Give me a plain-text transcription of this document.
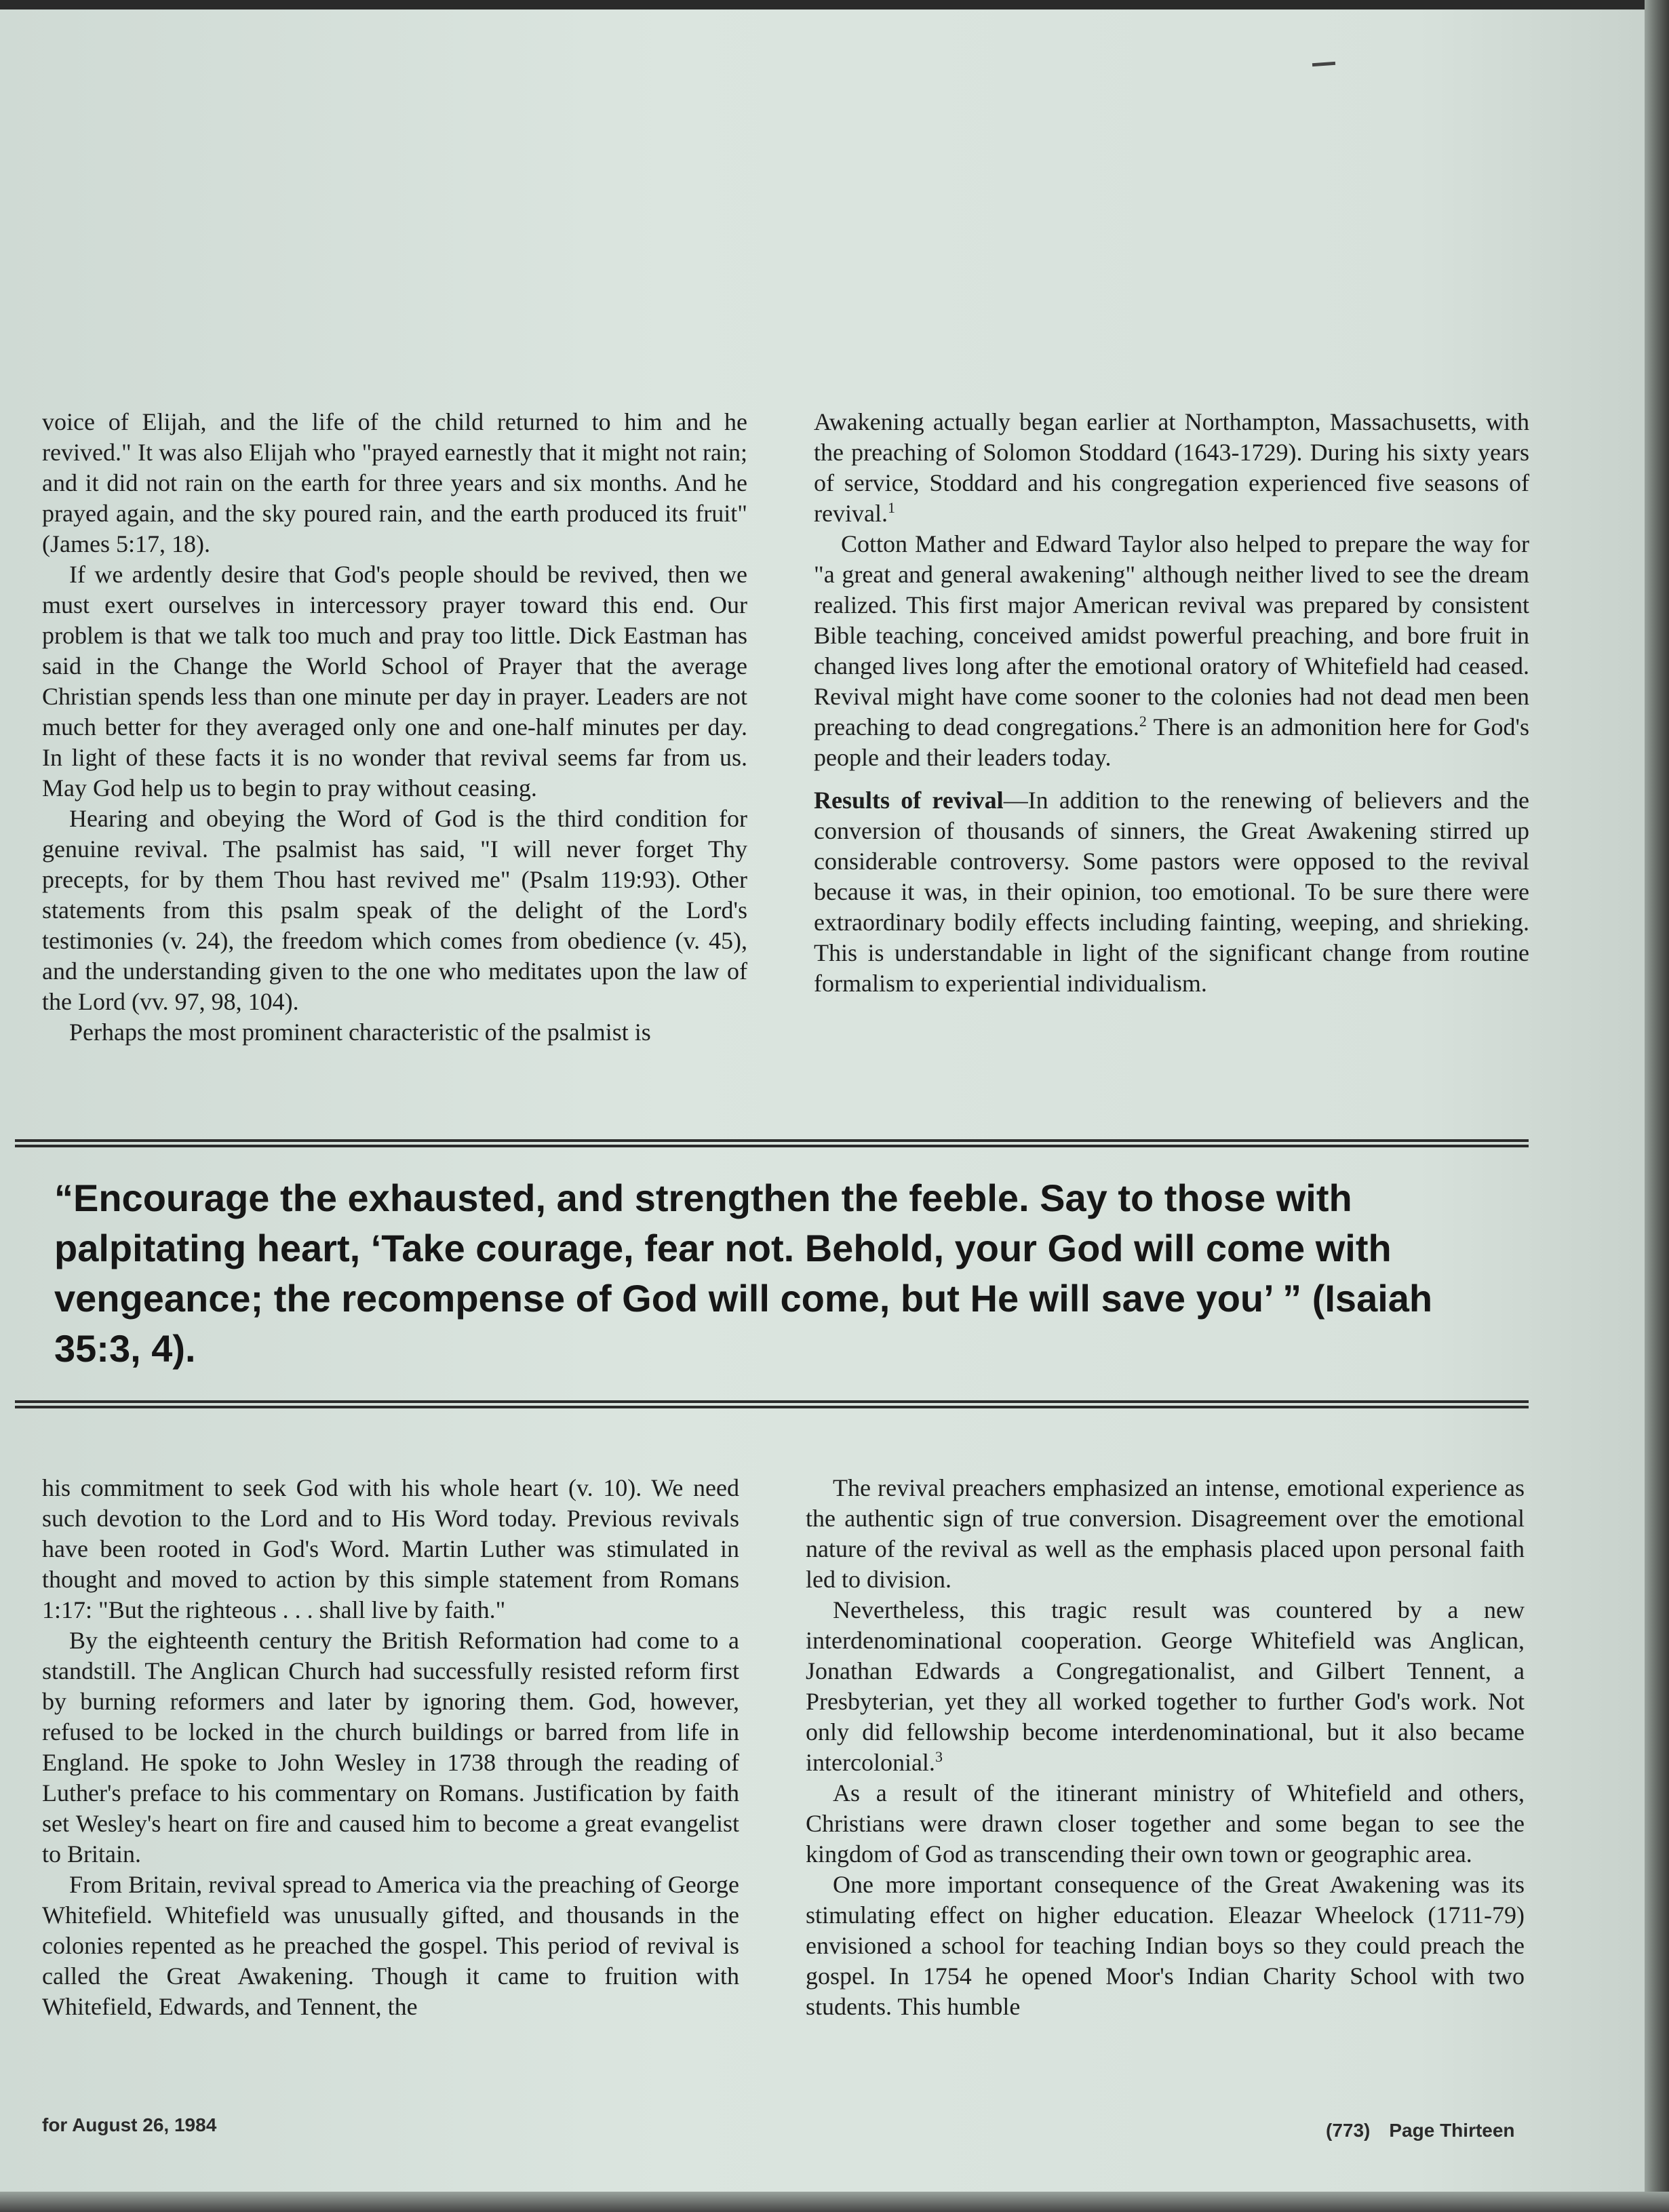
voice of Elijah, and the life of the child returned to him and he revived." It was also Elijah who "prayed earnestly that it might not rain; and it did not rain on the earth for three years and six months. And he prayed again, and the sky poured rain, and the earth produced its fruit" (James 5:17, 18).

If we ardently desire that God's people should be revived, then we must exert ourselves in intercessory prayer toward this end. Our problem is that we talk too much and pray too little. Dick Eastman has said in the Change the World School of Prayer that the average Christian spends less than one minute per day in prayer. Leaders are not much better for they averaged only one and one-half minutes per day. In light of these facts it is no wonder that revival seems far from us. May God help us to begin to pray without ceasing.

Hearing and obeying the Word of God is the third condition for genuine revival. The psalmist has said, "I will never forget Thy precepts, for by them Thou hast revived me" (Psalm 119:93). Other statements from this psalm speak of the delight of the Lord's testimonies (v. 24), the freedom which comes from obedience (v. 45), and the understanding given to the one who meditates upon the law of the Lord (vv. 97, 98, 104).

Perhaps the most prominent characteristic of the psalmist is

Awakening actually began earlier at Northampton, Massachusetts, with the preaching of Solomon Stoddard (1643-1729). During his sixty years of service, Stoddard and his congregation experienced five seasons of revival.$^1$

Cotton Mather and Edward Taylor also helped to prepare the way for "a great and general awakening" although neither lived to see the dream realized. This first major American revival was prepared by consistent Bible teaching, conceived amidst powerful preaching, and bore fruit in changed lives long after the emotional oratory of Whitefield had ceased. Revival might have come sooner to the colonies had not dead men been preaching to dead congregations.$^2$ There is an admonition here for God's people and their leaders today.

Results of revival—In addition to the renewing of believers and the conversion of thousands of sinners, the Great Awakening stirred up considerable controversy. Some pastors were opposed to the revival because it was, in their opinion, too emotional. To be sure there were extraordinary bodily effects including fainting, weeping, and shrieking. This is understandable in light of the significant change from routine formalism to experiential individualism.

“Encourage the exhausted, and strengthen the feeble. Say to those with palpitating heart, ‘Take courage, fear not. Behold, your God will come with vengeance; the recompense of God will come, but He will save you’ ” (Isaiah 35:3, 4).

his commitment to seek God with his whole heart (v. 10). We need such devotion to the Lord and to His Word today. Previous revivals have been rooted in God's Word. Martin Luther was stimulated in thought and moved to action by this simple statement from Romans 1:17: "But the righteous . . . shall live by faith."

By the eighteenth century the British Reformation had come to a standstill. The Anglican Church had successfully resisted reform first by burning reformers and later by ignoring them. God, however, refused to be locked in the church buildings or barred from life in England. He spoke to John Wesley in 1738 through the reading of Luther's preface to his commentary on Romans. Justification by faith set Wesley's heart on fire and caused him to become a great evangelist to Britain.

From Britain, revival spread to America via the preaching of George Whitefield. Whitefield was unusually gifted, and thousands in the colonies repented as he preached the gospel. This period of revival is called the Great Awakening. Though it came to fruition with Whitefield, Edwards, and Tennent, the

The revival preachers emphasized an intense, emotional experience as the authentic sign of true conversion. Disagreement over the emotional nature of the revival as well as the emphasis placed upon personal faith led to division.

Nevertheless, this tragic result was countered by a new interdenominational cooperation. George Whitefield was Anglican, Jonathan Edwards a Congregationalist, and Gilbert Tennent, a Presbyterian, yet they all worked together to further God's work. Not only did fellowship become interdenominational, but it also became intercolonial.$^3$

As a result of the itinerant ministry of Whitefield and others, Christians were drawn closer together and some began to see the kingdom of God as transcending their own town or geographic area.

One more important consequence of the Great Awakening was its stimulating effect on higher education. Eleazar Wheelock (1711-79) envisioned a school for teaching Indian boys so they could preach the gospel. In 1754 he opened Moor's Indian Charity School with two students. This humble

for August 26, 1984	(773) Page Thirteen
